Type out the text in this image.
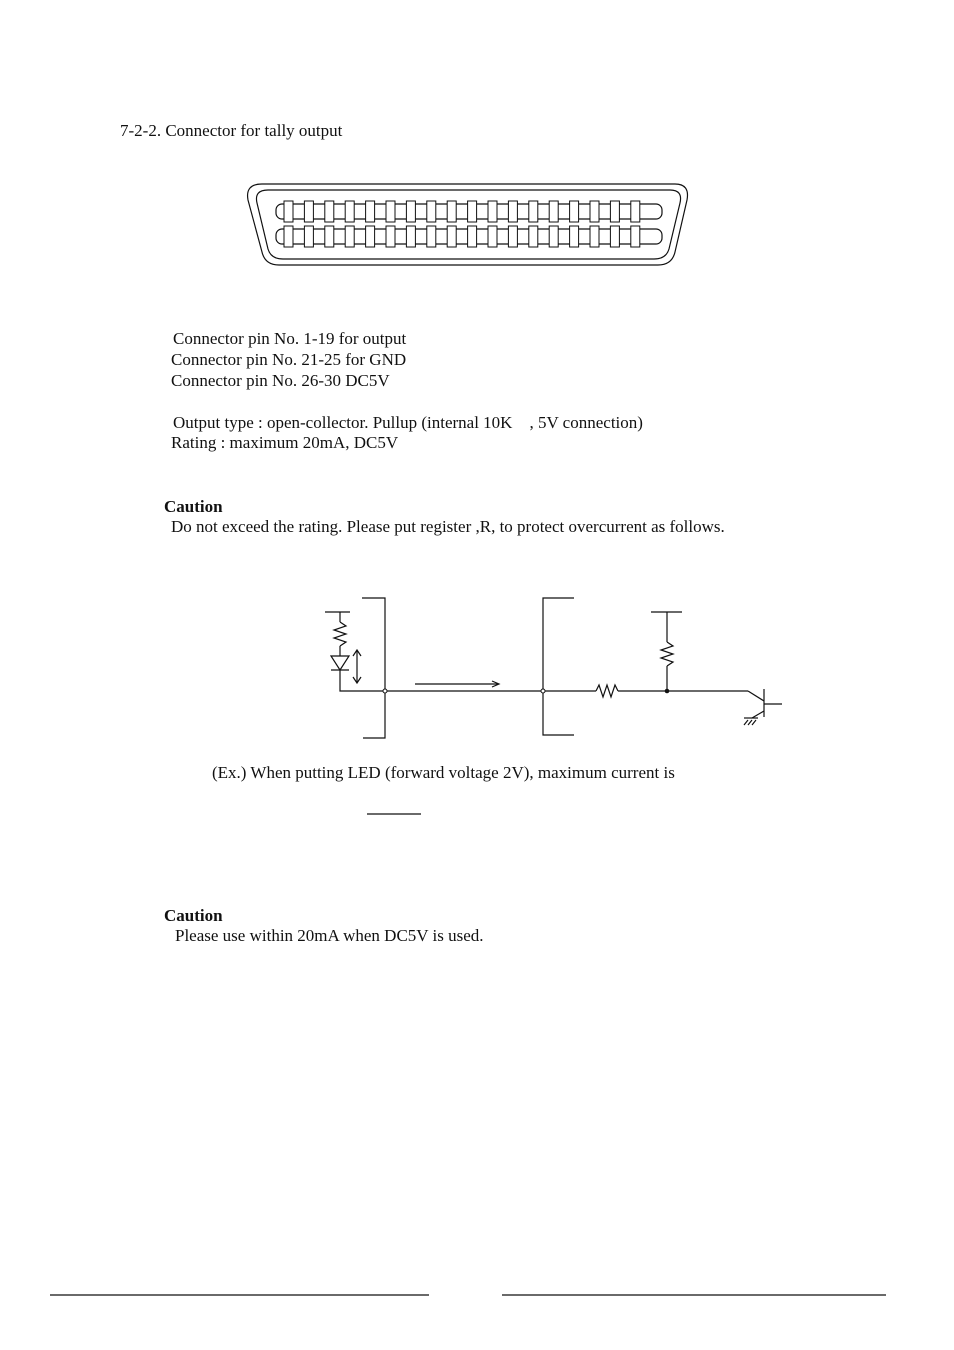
7-2-2. Connector for tally output
Connector pin No. 1-19 for output
Connector pin No. 21-25 for GND
Connector pin No. 26-30 DC5V
Output type : open-collector. Pullup (internal 10K , 5V connection)
Rating : maximum 20mA, DC5V
Caution
Do not exceed the rating. Please put register ,R, to protect overcurrent as follows.
(Ex.) When putting LED (forward voltage 2V), maximum current is
Caution
Please use within 20mA when DC5V is used.
